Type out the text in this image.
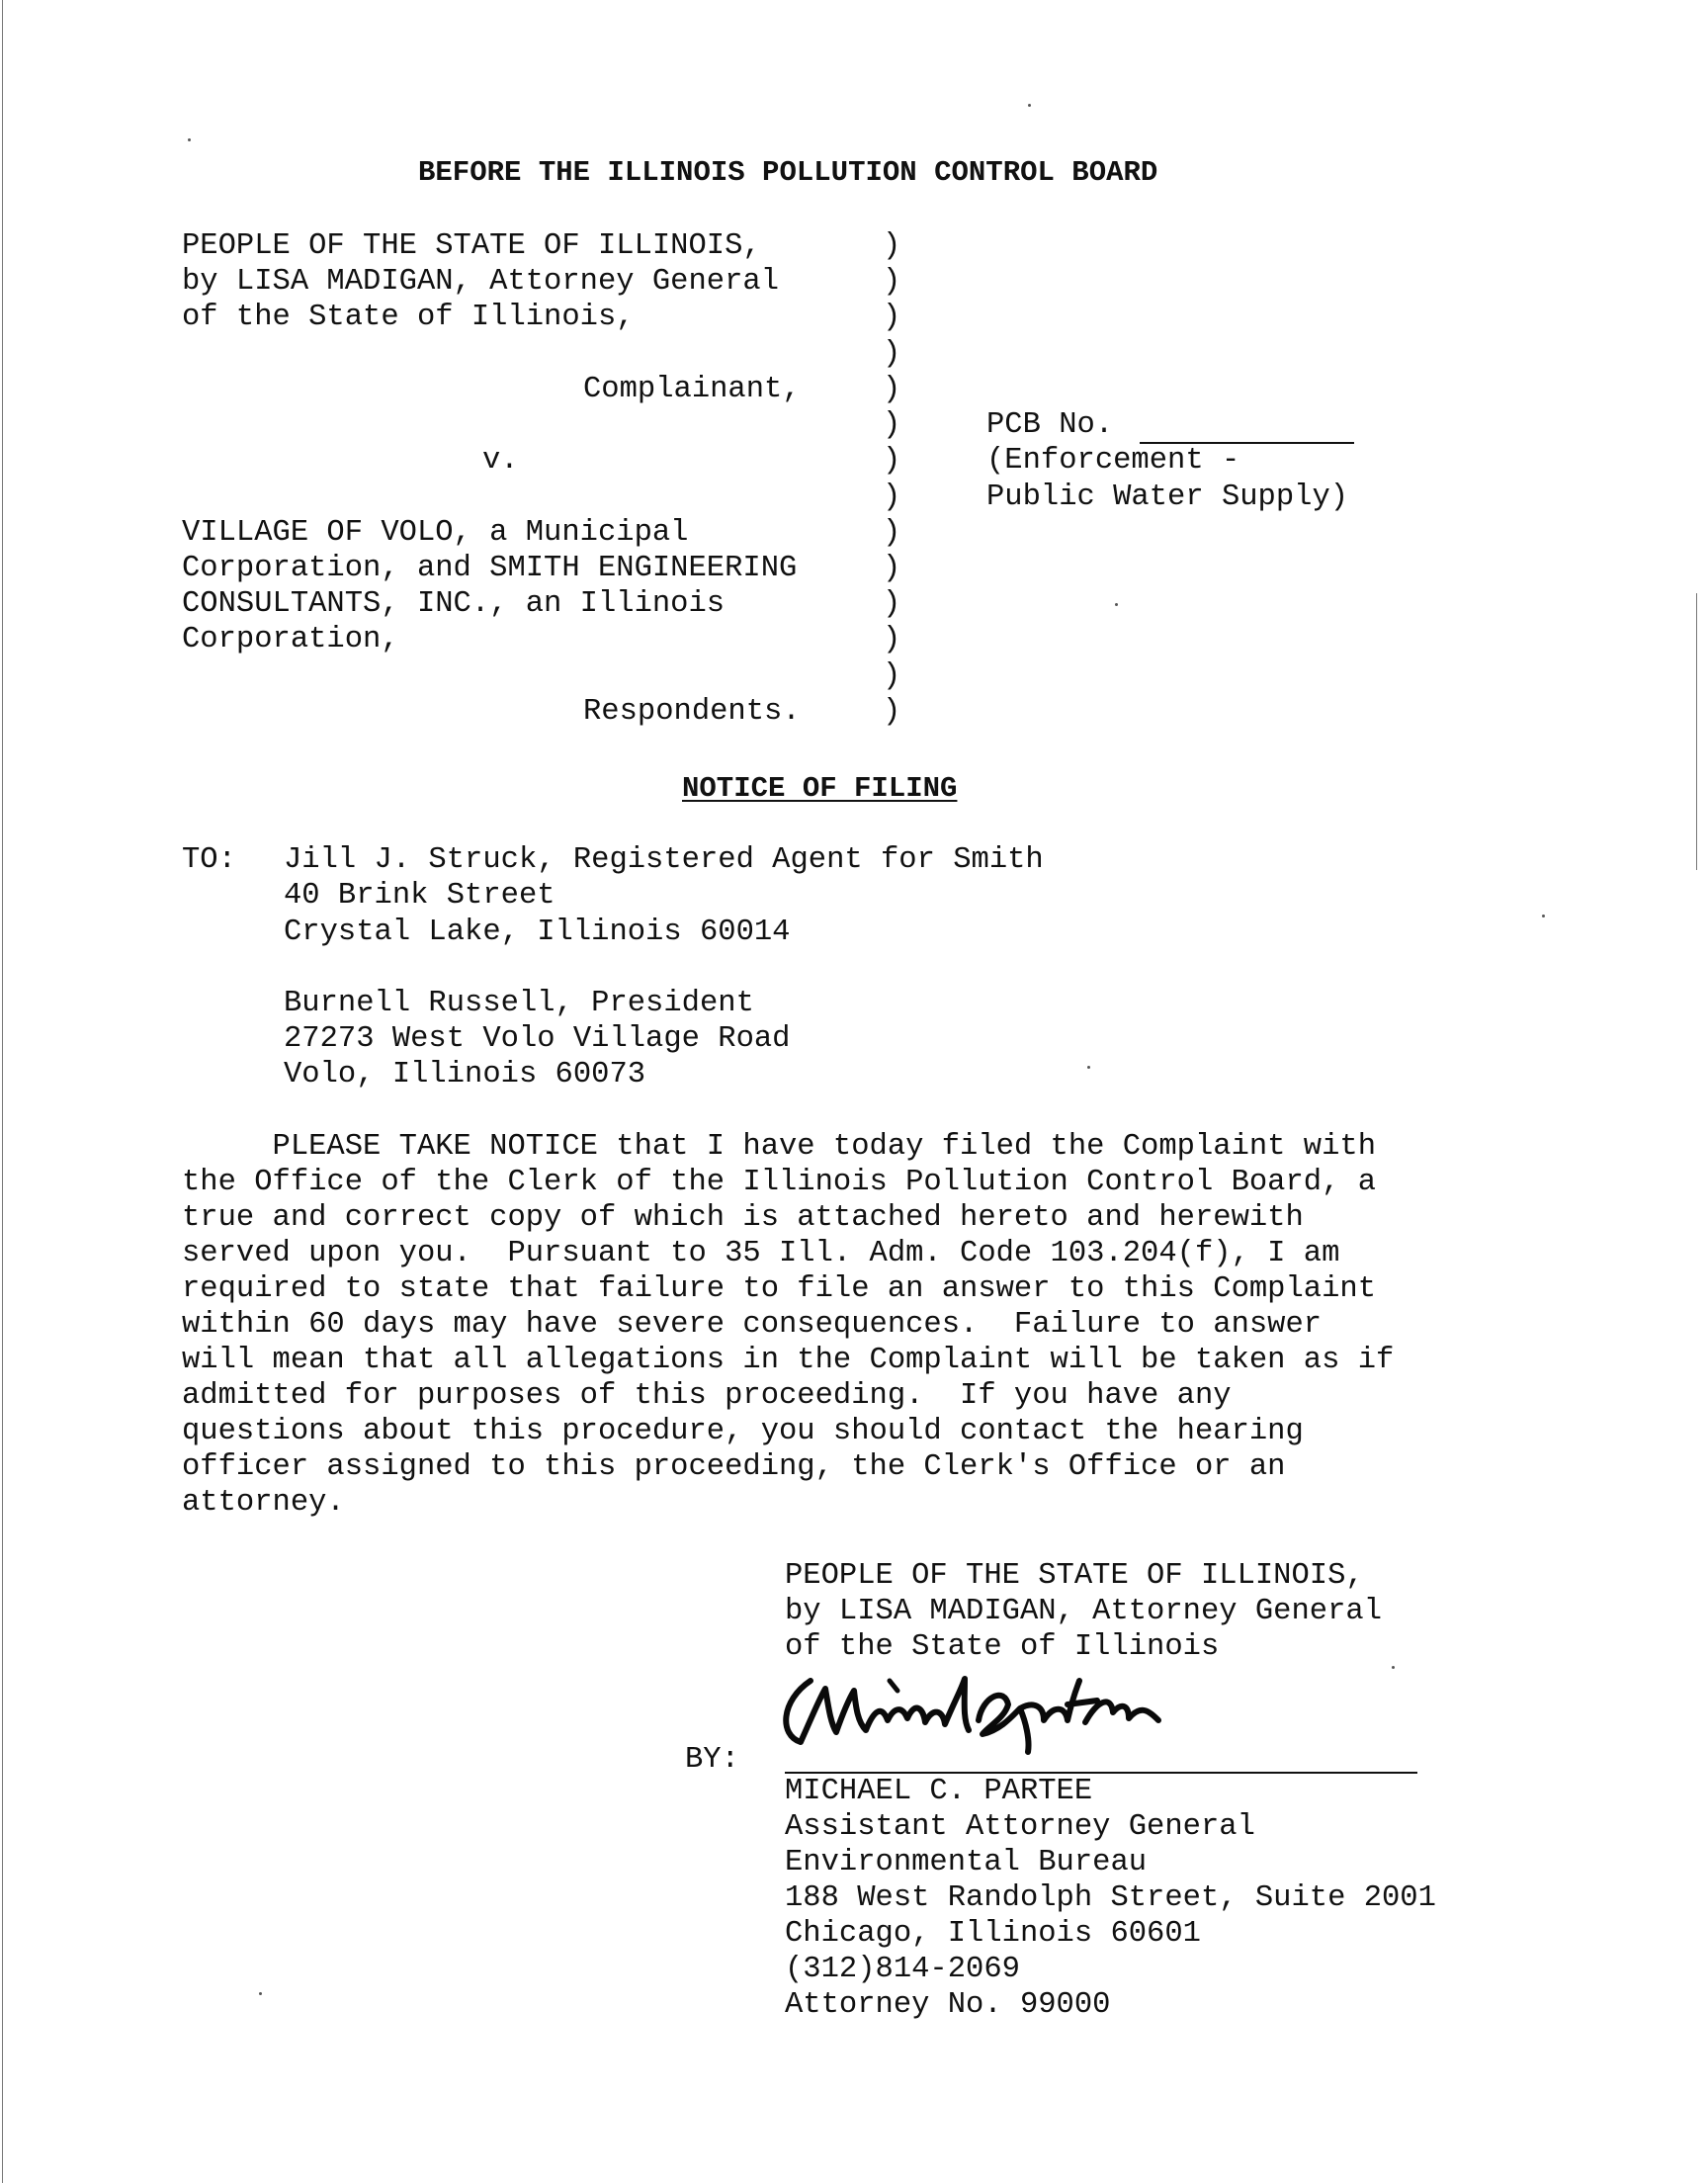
BEFORE THE ILLINOIS POLLUTION CONTROL BOARD
PEOPLE OF THE STATE OF ILLINOIS,
by LISA MADIGAN, Attorney General
of the State of Illinois,
Complainant,
v.
VILLAGE OF VOLO, a Municipal
Corporation, and SMITH ENGINEERING
CONSULTANTS, INC., an Illinois
Corporation,
Respondents.
)
)
)
)
)
)
)
)
)
)
)
)
)
)
PCB No.
(Enforcement -
Public Water Supply)
NOTICE OF FILING
TO: Jill J. Struck, Registered Agent for Smith
40 Brink Street
Crystal Lake, Illinois 60014
Burnell Russell, President
27273 West Volo Village Road
Volo, Illinois 60073
PLEASE TAKE NOTICE that I have today filed the Complaint with
the Office of the Clerk of the Illinois Pollution Control Board, a
true and correct copy of which is attached hereto and herewith
served upon you.  Pursuant to 35 Ill. Adm. Code 103.204(f), I am
required to state that failure to file an answer to this Complaint
within 60 days may have severe consequences.  Failure to answer
will mean that all allegations in the Complaint will be taken as if
admitted for purposes of this proceeding.  If you have any
questions about this procedure, you should contact the hearing
officer assigned to this proceeding, the Clerk's Office or an
attorney.
PEOPLE OF THE STATE OF ILLINOIS,
by LISA MADIGAN, Attorney General
of the State of Illinois
BY:
MICHAEL C. PARTEE
Assistant Attorney General
Environmental Bureau
188 West Randolph Street, Suite 2001
Chicago, Illinois 60601
(312)814-2069
Attorney No. 99000
